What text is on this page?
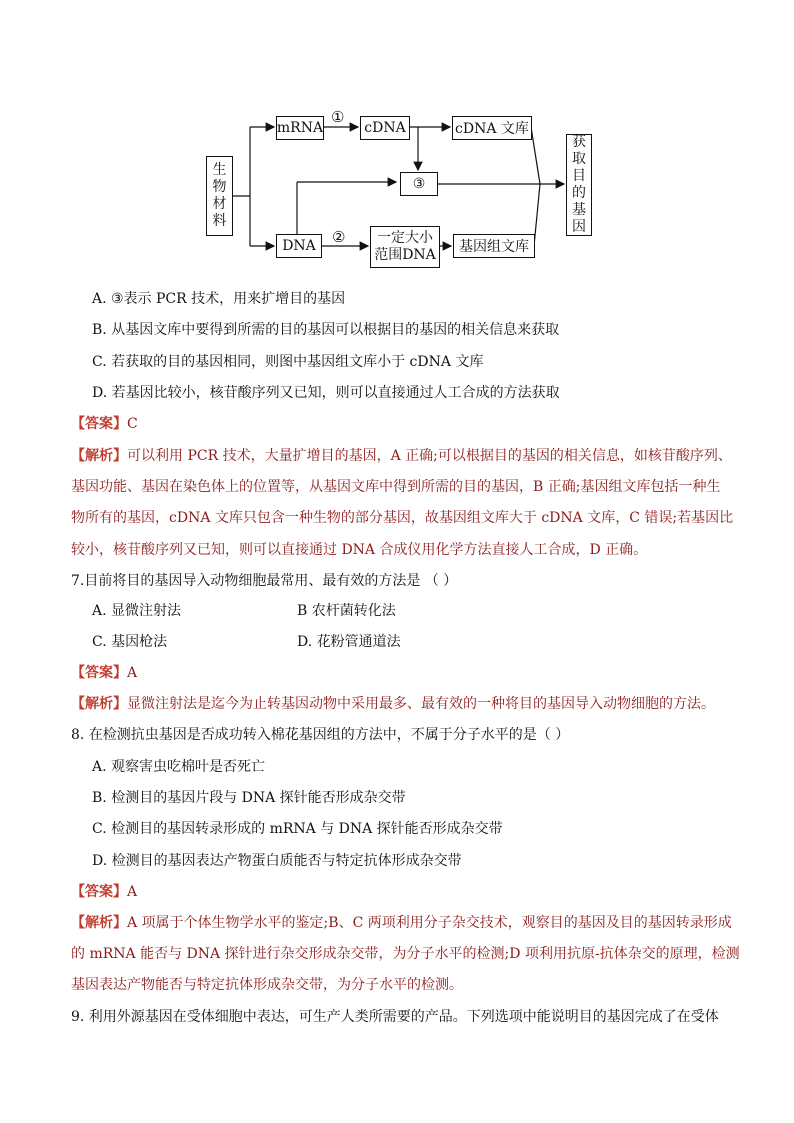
生
物
材
料
mRNA
①
cDNA	cDNA 文库
③
DNA ② 一定大小
范围DNA 基因组文库
获
取
目
的
基
因
A. ③表示 PCR 技术，用来扩增目的基因
B. 从基因文库中要得到所需的目的基因可以根据目的基因的相关信息来获取
C. 若获取的目的基因相同，则图中基因组文库小于 cDNA 文库
D. 若基因比较小，核苷酸序列又已知，则可以直接通过人工合成的方法获取
【答案】C
【解析】可以利用 PCR 技术，大量扩增目的基因，A 正确;可以根据目的基因的相关信息，如核苷酸序列、
基因功能、基因在染色体上的位置等，从基因文库中得到所需的目的基因，B 正确;基因组文库包括一种生
物所有的基因，cDNA 文库只包含一种生物的部分基因，故基因组文库大于 cDNA 文库，C 错误;若基因比
较小，核苷酸序列又已知，则可以直接通过 DNA 合成仪用化学方法直接人工合成，D 正确。
7.目前将目的基因导入动物细胞最常用、最有效的方法是 （ ）
A. 显微注射法	B 农杆菌转化法
C. 基因枪法	D. 花粉管通道法
【答案】A
【解析】显微注射法是迄今为止转基因动物中采用最多、最有效的一种将目的基因导入动物细胞的方法。
8. 在检测抗虫基因是否成功转入棉花基因组的方法中，不属于分子水平的是（ ）
A. 观察害虫吃棉叶是否死亡
B. 检测目的基因片段与 DNA 探针能否形成杂交带
C. 检测目的基因转录形成的 mRNA 与 DNA 探针能否形成杂交带
D. 检测目的基因表达产物蛋白质能否与特定抗体形成杂交带
【答案】A
【解析】A 项属于个体生物学水平的鉴定;B、C 两项利用分子杂交技术，观察目的基因及目的基因转录形成
的 mRNA 能否与 DNA 探针进行杂交形成杂交带，为分子水平的检测;D 项利用抗原-抗体杂交的原理，检测
基因表达产物能否与特定抗体形成杂交带，为分子水平的检测。
9. 利用外源基因在受体细胞中表达，可生产人类所需要的产品。下列选项中能说明目的基因完成了在受体
